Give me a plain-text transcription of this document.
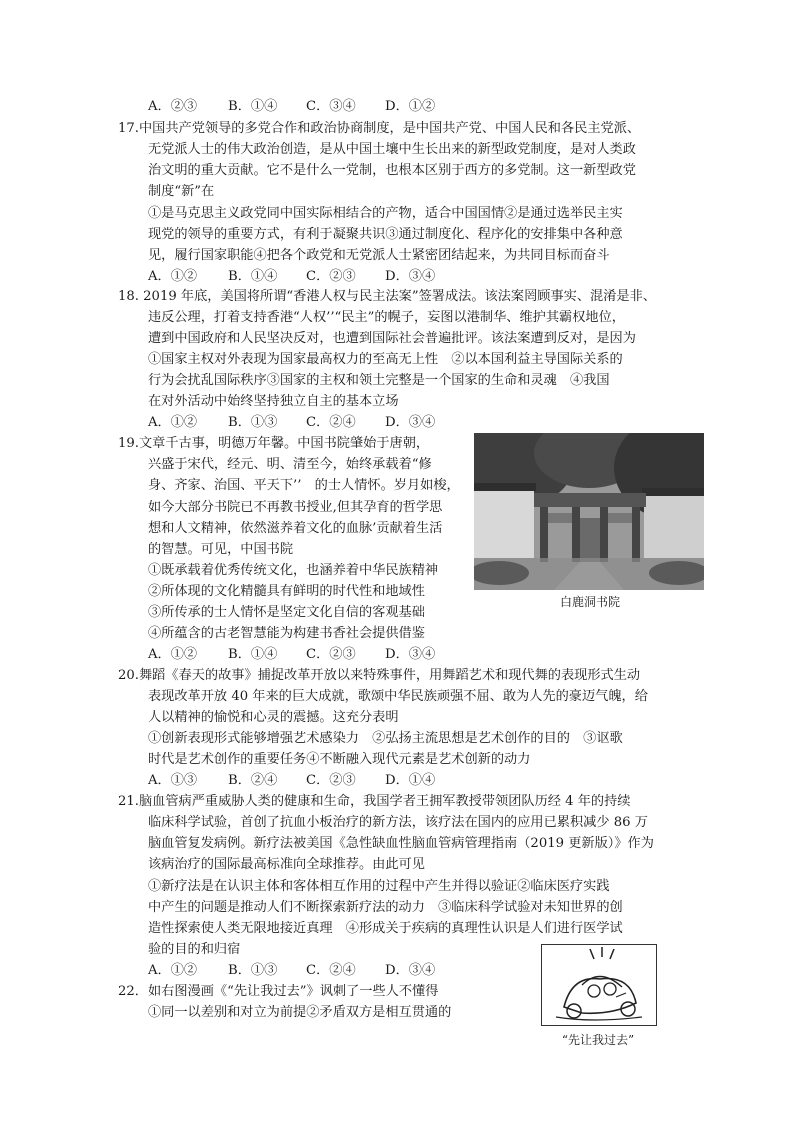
A．②③ B．①④ C．③④ D．①②
17.中国共产党领导的多党合作和政治协商制度，是中国共产党、中国人民和各民主党派、
无党派人士的伟大政治创造，是从中国土壤中生长出来的新型政党制度，是对人类政
治文明的重大贡献。它不是什么一党制，也根本区别于西方的多党制。这一新型政党
制度“新”在
①是马克思主义政党同中国实际相结合的产物，适合中国国情②是通过选举民主实
现党的领导的重要方式，有利于凝聚共识③通过制度化、程序化的安排集中各种意
见，履行国家职能④把各个政党和无党派人士紧密团结起来，为共同目标而奋斗
A．①② B．①④ C．②③ D．③④
18. 2019 年底，美国将所谓“香港人权与民主法案”签署成法。该法案罔顾事实、混淆是非、
违反公理，打着支持香港“人权’’“民主”的幌子，妄图以港制华、维护其霸权地位，
遭到中国政府和人民坚决反对，也遭到国际社会普遍批评。该法案遭到反对，是因为
①国家主权对外表现为国家最高权力的至高无上性　②以本国利益主导国际关系的
行为会扰乱国际秩序③国家的主权和领土完整是一个国家的生命和灵魂　④我国
在对外活动中始终坚持独立自主的基本立场
A．①② B．①③ C．②④ D．③④
19.文章千古事，明德万年馨。中国书院肇始于唐朝，
兴盛于宋代，经元、明、清至今，始终承载着“修
身、齐家、治国、平天下’’　的士人情怀。岁月如梭，
如今大部分书院已不再教书授业,但其孕育的哲学思
想和人文精神，依然滋养着文化的血脉’贡献着生活
的智慧。可见，中国书院
①既承载着优秀传统文化，也涵养着中华民族精神
②所体现的文化精髓具有鲜明的时代性和地域性
③所传承的士人情怀是坚定文化自信的客观基础
④所蕴含的古老智慧能为构建书香社会提供借鉴
A．①② B．①④ C．②③ D．③④
白鹿洞书院
20.舞蹈《春天的故事》捕捉改革开放以来特殊事件，用舞蹈艺术和现代舞的表现形式生动
表现改革开放 40 年来的巨大成就，歌颂中华民族顽强不屈、敢为人先的豪迈气魄，给
人以精神的愉悦和心灵的震撼。这充分表明
①创新表现形式能够增强艺术感染力　②弘扬主流思想是艺术创作的目的　③讴歌
时代是艺术创作的重要任务④不断融入现代元素是艺术创新的动力
A．①③ B．②④ C．②③ D．①④
21.脑血管病严重威胁人类的健康和生命，我国学者王拥军教授带领团队历经 4 年的持续
临床科学试验，首创了抗血小板治疗的新方法，该疗法在国内的应用已累积减少 86 万
脑血管复发病例。新疗法被美国《急性缺血性脑血管病管理指南（2019 更新版）》作为
该病治疗的国际最高标准向全球推荐。由此可见
①新疗法是在认识主体和客体相互作用的过程中产生并得以验证②临床医疗实践
中产生的问题是推动人们不断探索新疗法的动力　③临床科学试验对未知世界的创
造性探索使人类无限地接近真理　④形成关于疾病的真理性认识是人们进行医学试
验的目的和归宿
A．①② B．①③ C．②④ D．③④
22．如右图漫画《“先让我过去”》讽刺了一些人不懂得
①同一以差别和对立为前提②矛盾双方是相互贯通的
“先让我过去”
